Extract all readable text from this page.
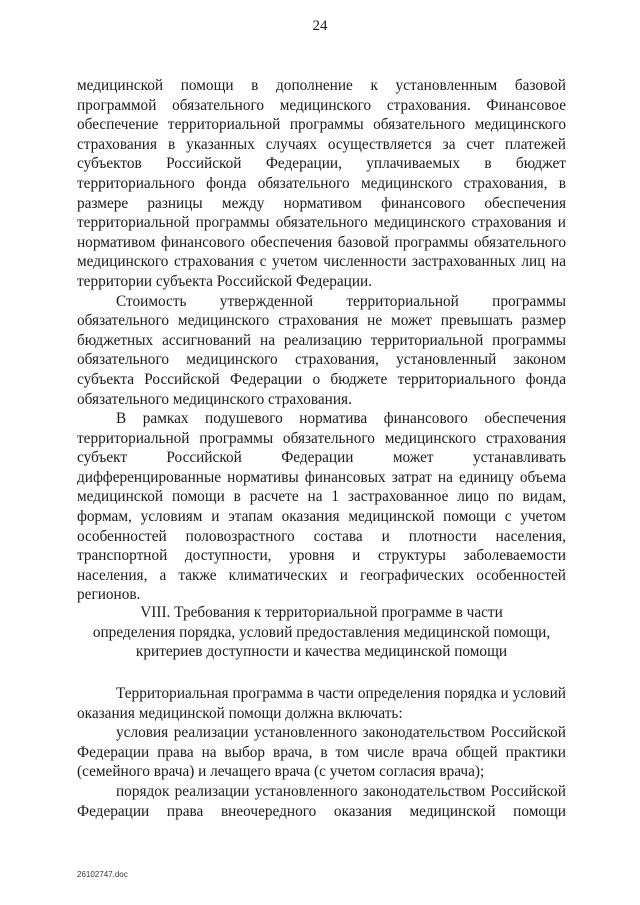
24

медицинской помощи в дополнение к установленным базовой программой обязательного медицинского страхования. Финансовое обеспечение территориальной программы обязательного медицинского страхования в указанных случаях осуществляется за счет платежей субъектов Российской Федерации, уплачиваемых в бюджет территориального фонда обязательного медицинского страхования, в размере разницы между нормативом финансового обеспечения территориальной программы обязательного медицинского страхования и нормативом финансового обеспечения базовой программы обязательного медицинского страхования с учетом численности застрахованных лиц на территории субъекта Российской Федерации.

Стоимость утвержденной территориальной программы обязательного медицинского страхования не может превышать размер бюджетных ассигнований на реализацию территориальной программы обязательного медицинского страхования, установленный законом субъекта Российской Федерации о бюджете территориального фонда обязательного медицинского страхования.

В рамках подушевого норматива финансового обеспечения территориальной программы обязательного медицинского страхования субъект Российской Федерации может устанавливать дифференцированные нормативы финансовых затрат на единицу объема медицинской помощи в расчете на 1 застрахованное лицо по видам, формам, условиям и этапам оказания медицинской помощи с учетом особенностей половозрастного состава и плотности населения, транспортной доступности, уровня и структуры заболеваемости населения, а также климатических и географических особенностей регионов.

VIII. Требования к территориальной программе в части
определения порядка, условий предоставления медицинской помощи,
критериев доступности и качества медицинской помощи

Территориальная программа в части определения порядка и условий оказания медицинской помощи должна включать:

условия реализации установленного законодательством Российской Федерации права на выбор врача, в том числе врача общей практики (семейного врача) и лечащего врача (с учетом согласия врача);

порядок реализации установленного законодательством Российской Федерации права внеочередного оказания медицинской помощи

26102747.doc
